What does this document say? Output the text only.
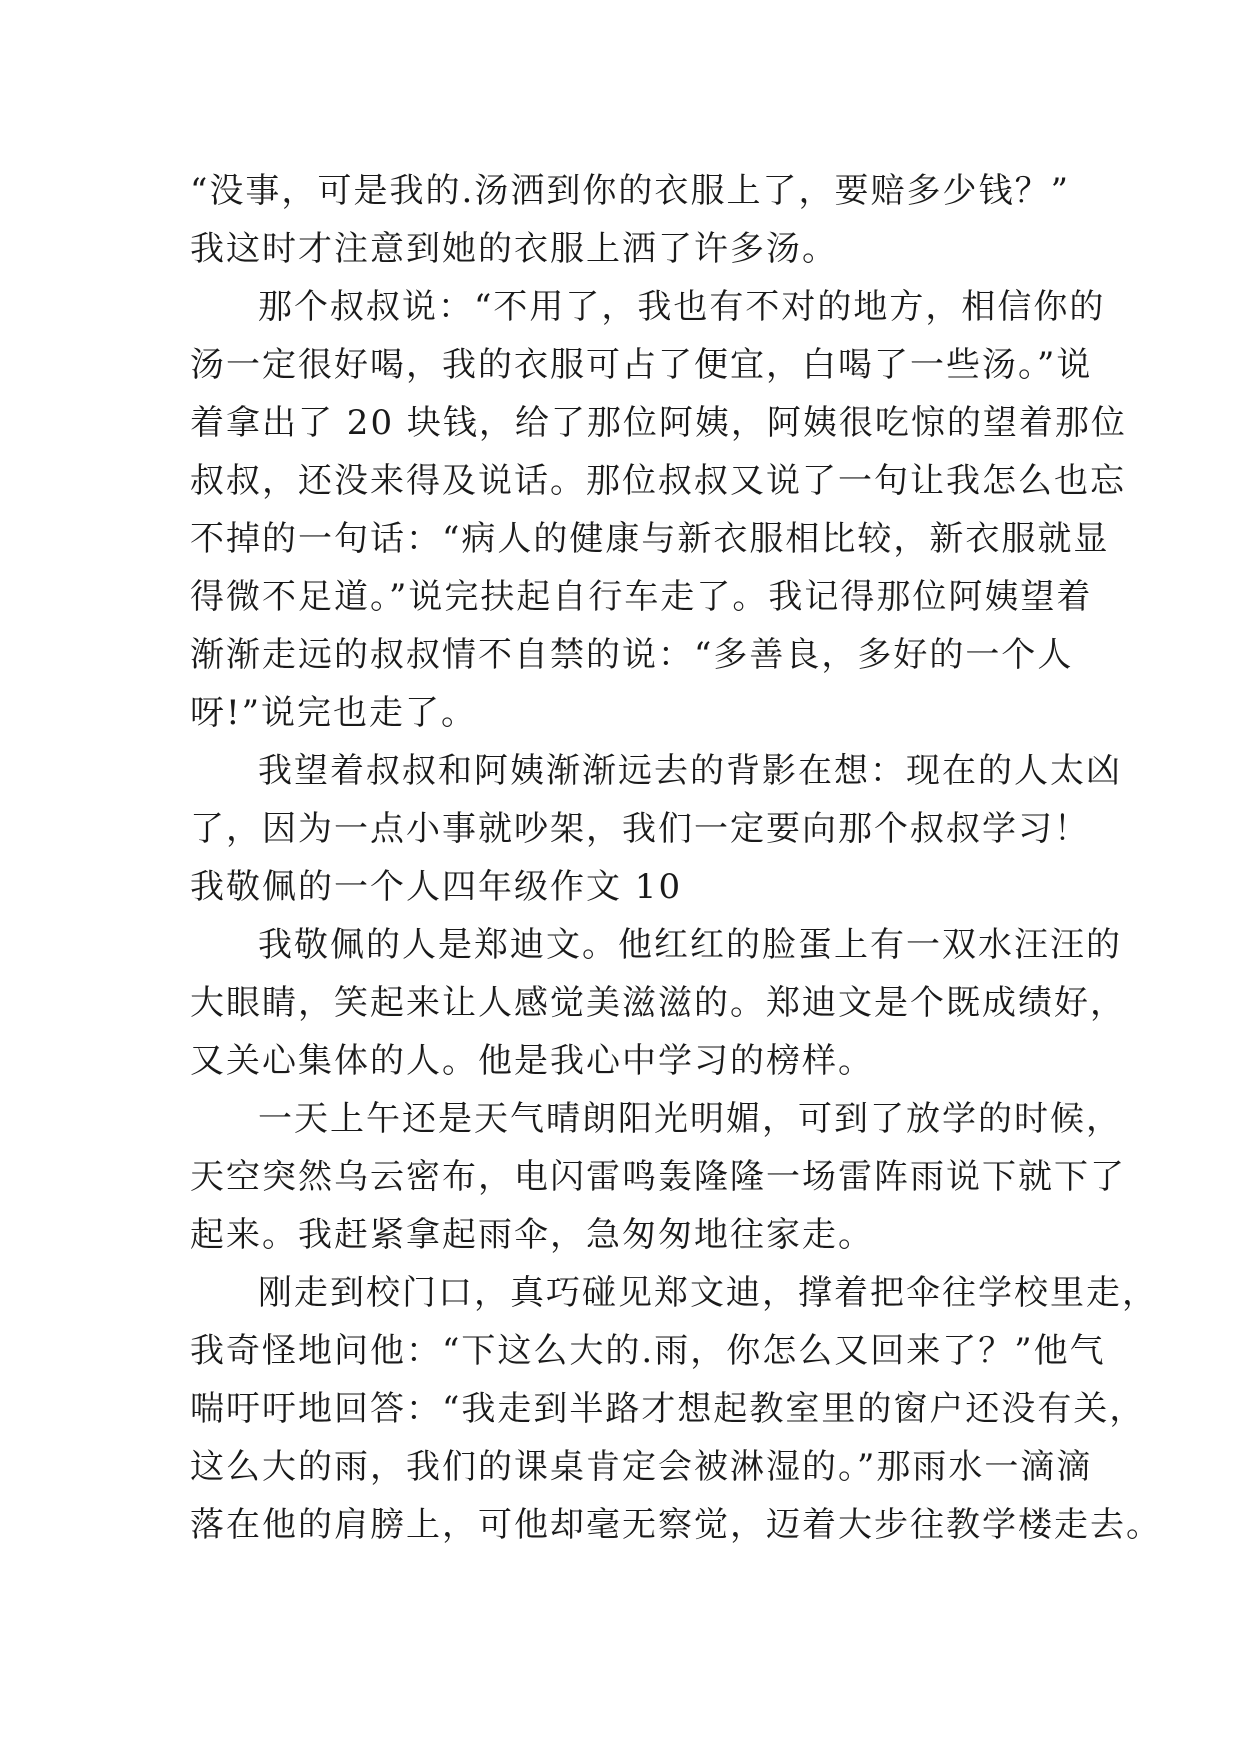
“没事，可是我的.汤洒到你的衣服上了，要赔多少钱？”
我这时才注意到她的衣服上洒了许多汤。
那个叔叔说：“不用了，我也有不对的地方，相信你的
汤一定很好喝，我的衣服可占了便宜，白喝了一些汤。”说
着拿出了 20 块钱，给了那位阿姨，阿姨很吃惊的望着那位
叔叔，还没来得及说话。那位叔叔又说了一句让我怎么也忘
不掉的一句话：“病人的健康与新衣服相比较，新衣服就显
得微不足道。”说完扶起自行车走了。我记得那位阿姨望着
渐渐走远的叔叔情不自禁的说：“多善良，多好的一个人
呀!”说完也走了。
我望着叔叔和阿姨渐渐远去的背影在想：现在的人太凶
了，因为一点小事就吵架，我们一定要向那个叔叔学习！
我敬佩的一个人四年级作文 10
我敬佩的人是郑迪文。他红红的脸蛋上有一双水汪汪的
大眼睛，笑起来让人感觉美滋滋的。郑迪文是个既成绩好，
又关心集体的人。他是我心中学习的榜样。
一天上午还是天气晴朗阳光明媚，可到了放学的时候，
天空突然乌云密布，电闪雷鸣轰隆隆一场雷阵雨说下就下了
起来。我赶紧拿起雨伞，急匆匆地往家走。
刚走到校门口，真巧碰见郑文迪，撑着把伞往学校里走，
我奇怪地问他：“下这么大的.雨，你怎么又回来了？”他气
喘吁吁地回答：“我走到半路才想起教室里的窗户还没有关，
这么大的雨，我们的课桌肯定会被淋湿的。”那雨水一滴滴
落在他的肩膀上，可他却毫无察觉，迈着大步往教学楼走去。
